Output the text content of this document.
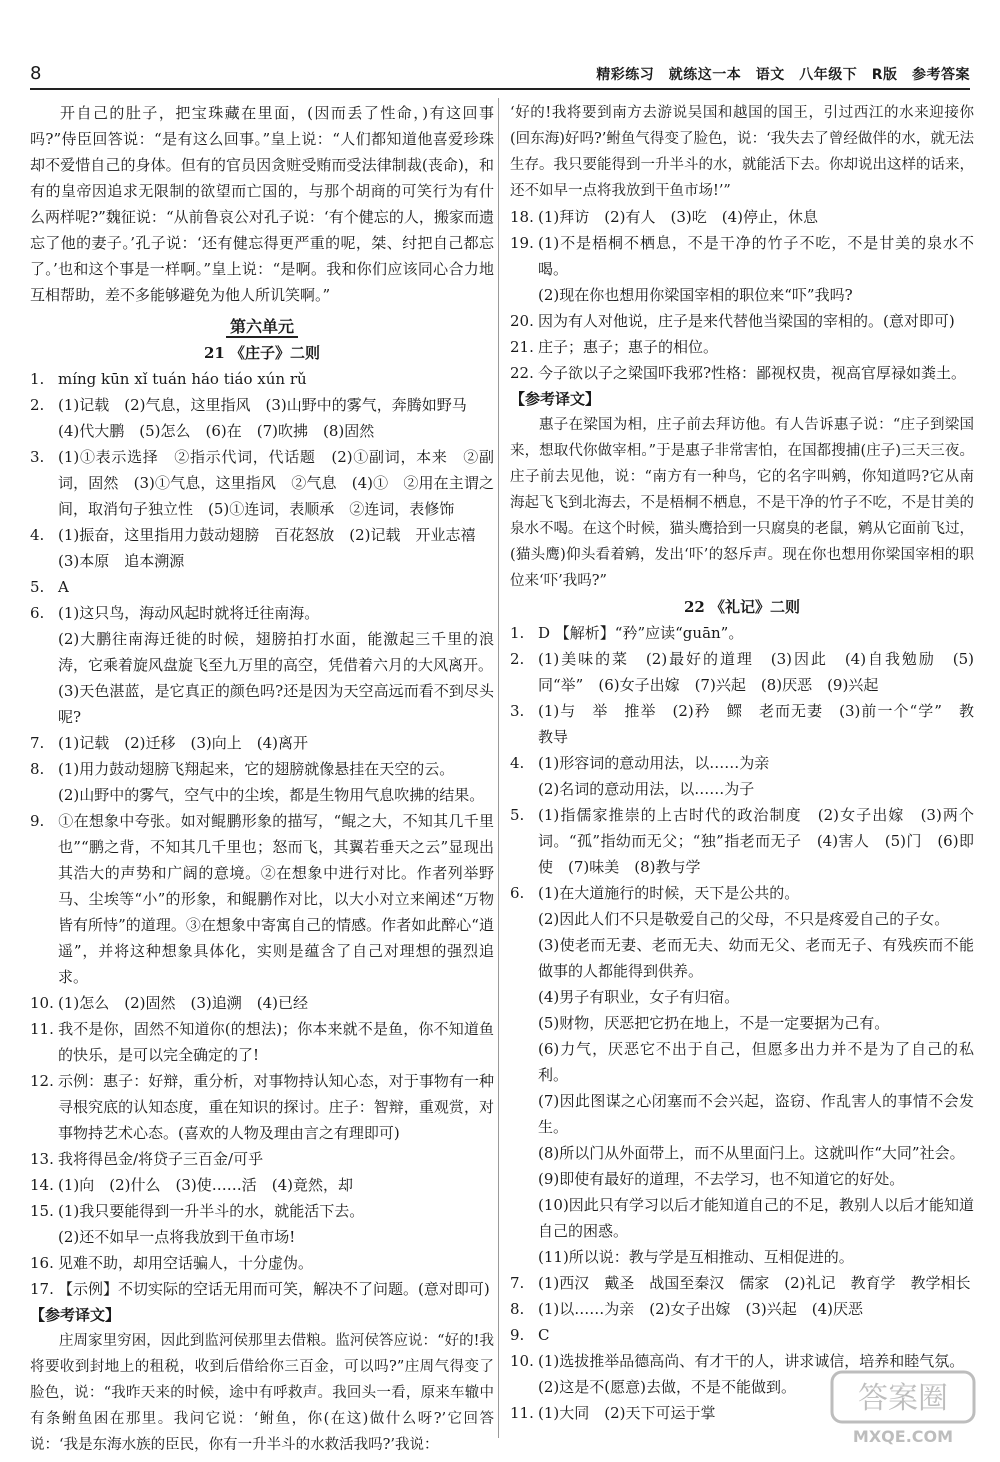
8	精彩练习　就练这一本　语文　八年级下　R版　参考答案

开自己的肚子，把宝珠藏在里面，(因而丢了性命，)有这回事吗?”侍臣回答说：“是有这么回事。”皇上说：“人们都知道他喜爱珍珠却不爱惜自己的身体。但有的官员因贪赃受贿而受法律制裁(丧命)，和有的皇帝因追求无限制的欲望而亡国的，与那个胡商的可笑行为有什么两样呢?”魏征说：“从前鲁哀公对孔子说：‘有个健忘的人，搬家而遗忘了他的妻子。’孔子说：‘还有健忘得更严重的呢，桀、纣把自己都忘了。’也和这个事是一样啊。”皇上说：“是啊。我和你们应该同心合力地互相帮助，差不多能够避免为他人所讥笑啊。”

第六单元

21 《庄子》二则

1. míng kūn xǐ tuán háo tiáo xún rǔ

2. (1)记载　(2)气息，这里指风　(3)山野中的雾气，奔腾如野马

(4)代大鹏　(5)怎么　(6)在　(7)吹拂　(8)固然

3. (1)①表示选择　②指示代词，代话题　(2)①副词，本来　②副词，固然　(3)①气息，这里指风　②气息　(4)①　②用在主谓之间，取消句子独立性　(5)①连词，表顺承　②连词，表修饰

4. (1)振奋，这里指用力鼓动翅膀　百花怒放　(2)记载　开业志禧

(3)本原　追本溯源

5. A

6. (1)这只鸟，海动风起时就将迁往南海。

(2)大鹏往南海迁徙的时候，翅膀拍打水面，能激起三千里的浪涛，它乘着旋风盘旋飞至九万里的高空，凭借着六月的大风离开。

(3)天色湛蓝，是它真正的颜色吗?还是因为天空高远而看不到尽头呢?

7. (1)记载　(2)迁移　(3)向上　(4)离开

8. (1)用力鼓动翅膀飞翔起来，它的翅膀就像悬挂在天空的云。

(2)山野中的雾气，空气中的尘埃，都是生物用气息吹拂的结果。

9. ①在想象中夸张。如对鲲鹏形象的描写，“鲲之大，不知其几千里也”“鹏之背，不知其几千里也；怒而飞，其翼若垂天之云”显现出其浩大的声势和广阔的意境。②在想象中进行对比。作者列举野马、尘埃等“小”的形象，和鲲鹏作对比，以大小对立来阐述“万物皆有所恃”的道理。③在想象中寄寓自己的情感。作者如此醉心“逍遥”，并将这种想象具体化，实则是蕴含了自己对理想的强烈追求。

10. (1)怎么　(2)固然　(3)追溯　(4)已经

11. 我不是你，固然不知道你(的想法)；你本来就不是鱼，你不知道鱼的快乐，是可以完全确定的了!

12. 示例：惠子：好辩，重分析，对事物持认知心态，对于事物有一种寻根究底的认知态度，重在知识的探讨。庄子：智辩，重观赏，对事物持艺术心态。(喜欢的人物及理由言之有理即可)

13. 我将得邑金/将贷子三百金/可乎

14. (1)向　(2)什么　(3)使……活　(4)竟然，却

15. (1)我只要能得到一升半斗的水，就能活下去。

(2)还不如早一点将我放到干鱼市场!

16. 见难不助，却用空话骗人，十分虚伪。

17. 【示例】不切实际的空话无用而可笑，解决不了问题。(意对即可)

【参考译文】

庄周家里穷困，因此到监河侯那里去借粮。监河侯答应说：“好的!我将要收到封地上的租税，收到后借给你三百金，可以吗?”庄周气得变了脸色，说：“我昨天来的时候，途中有呼救声。我回头一看，原来车辙中有条鲋鱼困在那里。我问它说：‘鲋鱼，你(在这)做什么呀?’它回答说：‘我是东海水族的臣民，你有一升半斗的水救活我吗?’我说：

‘好的!我将要到南方去游说吴国和越国的国王，引过西江的水来迎接你(回东海)好吗?’鲋鱼气得变了脸色，说：‘我失去了曾经做伴的水，就无法生存。我只要能得到一升半斗的水，就能活下去。你却说出这样的话来，还不如早一点将我放到干鱼市场!’”

18. (1)拜访　(2)有人　(3)吃　(4)停止，休息

19. (1)不是梧桐不栖息，不是干净的竹子不吃，不是甘美的泉水不喝。

(2)现在你也想用你梁国宰相的职位来“吓”我吗?

20. 因为有人对他说，庄子是来代替他当梁国的宰相的。(意对即可)

21. 庄子；惠子；惠子的相位。

22. 今子欲以子之梁国吓我邪?性格：鄙视权贵，视高官厚禄如粪土。

【参考译文】

惠子在梁国为相，庄子前去拜访他。有人告诉惠子说：“庄子到梁国来，想取代你做宰相。”于是惠子非常害怕，在国都搜捕(庄子)三天三夜。庄子前去见他，说：“南方有一种鸟，它的名字叫鹓，你知道吗?它从南海起飞飞到北海去，不是梧桐不栖息，不是干净的竹子不吃，不是甘美的泉水不喝。在这个时候，猫头鹰拾到一只腐臭的老鼠，鹓从它面前飞过，(猫头鹰)仰头看着鹓，发出‘吓’的怒斥声。现在你也想用你梁国宰相的职位来‘吓’我吗?”

22 《礼记》二则

1. D 【解析】“矜”应读“guān”。

2. (1)美味的菜　(2)最好的道理　(3)因此　(4)自我勉励　(5)同“举”　(6)女子出嫁　(7)兴起　(8)厌恶　(9)兴起

3. (1)与　举　推举　(2)矜　鳏　老而无妻　(3)前一个“学”　教　教导

4. (1)形容词的意动用法，以……为亲

(2)名词的意动用法，以……为子

5. (1)指儒家推崇的上古时代的政治制度　(2)女子出嫁　(3)两个词。“孤”指幼而无父；“独”指老而无子　(4)害人　(5)门　(6)即使　(7)味美　(8)教与学

6. (1)在大道施行的时候，天下是公共的。

(2)因此人们不只是敬爱自己的父母，不只是疼爱自己的子女。

(3)使老而无妻、老而无夫、幼而无父、老而无子、有残疾而不能做事的人都能得到供养。

(4)男子有职业，女子有归宿。

(5)财物，厌恶把它扔在地上，不是一定要据为己有。

(6)力气，厌恶它不出于自己，但愿多出力并不是为了自己的私利。

(7)因此图谋之心闭塞而不会兴起，盗窃、作乱害人的事情不会发生。

(8)所以门从外面带上，而不从里面闩上。这就叫作“大同”社会。

(9)即使有最好的道理，不去学习，也不知道它的好处。

(10)因此只有学习以后才能知道自己的不足，教别人以后才能知道自己的困惑。

(11)所以说：教与学是互相推动、互相促进的。

7. (1)西汉　戴圣　战国至秦汉　儒家　(2)礼记　教育学　教学相长

8. (1)以……为亲　(2)女子出嫁　(3)兴起　(4)厌恶

9. C

10. (1)选拔推举品德高尚、有才干的人，讲求诚信，培养和睦气氛。

(2)这是不(愿意)去做，不是不能做到。

11. (1)大同　(2)天下可运于掌	答案圈
MXQE.COM
